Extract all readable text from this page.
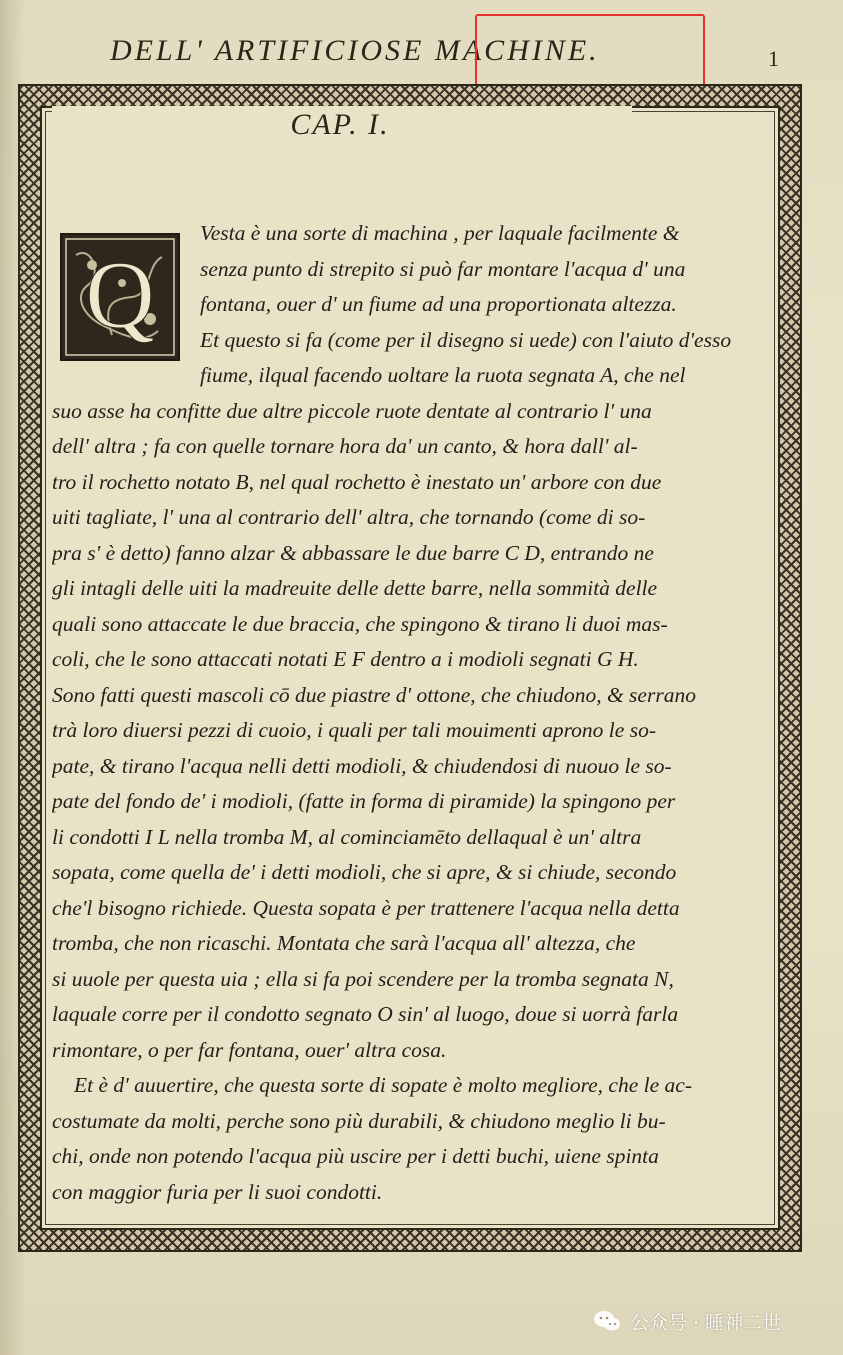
DELL' ARTIFICIOSE MACHINE.	1
CAP. I.
Q
Vesta è una sorte di machina , per laquale facilmente &
senza punto di strepito si può far montare l'acqua d' una
fontana, ouer d' un fiume ad una proportionata altezza.
Et questo si fa (come per il disegno si uede) con l'aiuto d'esso
fiume, ilqual facendo uoltare la ruota segnata A, che nel
suo asse ha confitte due altre piccole ruote dentate al contrario l' una
dell' altra ; fa con quelle tornare hora da' un canto, & hora dall' al-
tro il rochetto notato B, nel qual rochetto è inestato un' arbore con due
uiti tagliate, l' una al contrario dell' altra, che tornando (come di so-
pra s' è detto) fanno alzar & abbassare le due barre C D, entrando ne
gli intagli delle uiti la madreuite delle dette barre, nella sommità delle
quali sono attaccate le due braccia, che spingono & tirano li duoi mas-
coli, che le sono attaccati notati E F dentro a i modioli segnati G H.
Sono fatti questi mascoli cō due piastre d' ottone, che chiudono, & serrano
trà loro diuersi pezzi di cuoio, i quali per tali mouimenti aprono le so-
pate, & tirano l'acqua nelli detti modioli, & chiudendosi di nuouo le so-
pate del fondo de' i modioli, (fatte in forma di piramide) la spingono per
li condotti I L nella tromba M, al cominciamēto dellaqual è un' altra
sopata, come quella de' i detti modioli, che si apre, & si chiude, secondo
che'l bisogno richiede. Questa sopata è per trattenere l'acqua nella detta
tromba, che non ricaschi. Montata che sarà l'acqua all' altezza, che
si uuole per questa uia ; ella si fa poi scendere per la tromba segnata N,
laquale corre per il condotto segnato O sin' al luogo, doue si uorrà farla
rimontare, o per far fontana, ouer' altra cosa.
Et è d' auuertire, che questa sorte di sopate è molto megliore, che le ac-
costumate da molti, perche sono più durabili, & chiudono meglio li bu-
chi, onde non potendo l'acqua più uscire per i detti buchi, uiene spinta
con maggior furia per li suoi condotti.
公众号 · 睡神二世
